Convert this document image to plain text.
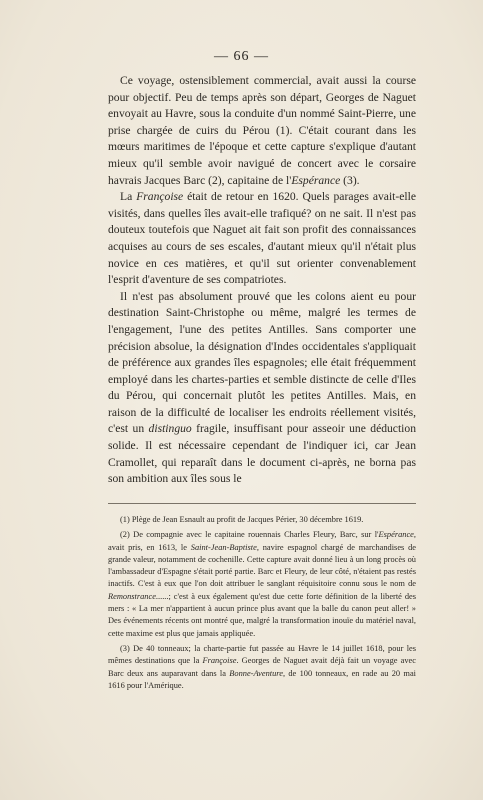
— 66 —

Ce voyage, ostensiblement commercial, avait aussi la course pour objectif. Peu de temps après son départ, Georges de Naguet envoyait au Havre, sous la conduite d'un nommé Saint-Pierre, une prise chargée de cuirs du Pérou (1). C'était courant dans les mœurs maritimes de l'époque et cette capture s'explique d'autant mieux qu'il semble avoir navigué de concert avec le corsaire havrais Jacques Barc (2), capitaine de l'Espérance (3).

La Françoise était de retour en 1620. Quels parages avait-elle visités, dans quelles îles avait-elle trafiqué? on ne sait. Il n'est pas douteux toutefois que Naguet ait fait son profit des connaissances acquises au cours de ses escales, d'autant mieux qu'il n'était plus novice en ces matières, et qu'il sut orienter convenablement l'esprit d'aventure de ses compatriotes.

Il n'est pas absolument prouvé que les colons aient eu pour destination Saint-Christophe ou même, malgré les termes de l'engagement, l'une des petites Antilles. Sans comporter une précision absolue, la désignation d'Indes occidentales s'appliquait de préférence aux grandes îles espagnoles; elle était fréquemment employé dans les chartes-parties et semble distincte de celle d'Iles du Pérou, qui concernait plutôt les petites Antilles. Mais, en raison de la difficulté de localiser les endroits réellement visités, c'est un distinguo fragile, insuffisant pour asseoir une déduction solide. Il est nécessaire cependant de l'indiquer ici, car Jean Cramollet, qui reparaît dans le document ci-après, ne borna pas son ambition aux îles sous le

(1) Plège de Jean Esnault au profit de Jacques Périer, 30 décembre 1619.

(2) De compagnie avec le capitaine rouennais Charles Fleury, Barc, sur l'Espérance, avait pris, en 1613, le Saint-Jean-Baptiste, navire espagnol chargé de marchandises de grande valeur, notamment de cochenille. Cette capture avait donné lieu à un long procès où l'ambassadeur d'Espagne s'était porté partie. Barc et Fleury, de leur côté, n'étaient pas restés inactifs. C'est à eux que l'on doit attribuer le sanglant réquisitoire connu sous le nom de Remonstrance......; c'est à eux également qu'est due cette forte définition de la liberté des mers : « La mer n'appartient à aucun prince plus avant que la balle du canon peut aller! » Des événements récents ont montré que, malgré la transformation inouïe du matériel naval, cette maxime est plus que jamais appliquée.

(3) De 40 tonneaux; la charte-partie fut passée au Havre le 14 juillet 1618, pour les mêmes destinations que la Françoise. Georges de Naguet avait déjà fait un voyage avec Barc deux ans auparavant dans la Bonne-Aventure, de 100 tonneaux, en rade au 20 mai 1616 pour l'Amérique.
